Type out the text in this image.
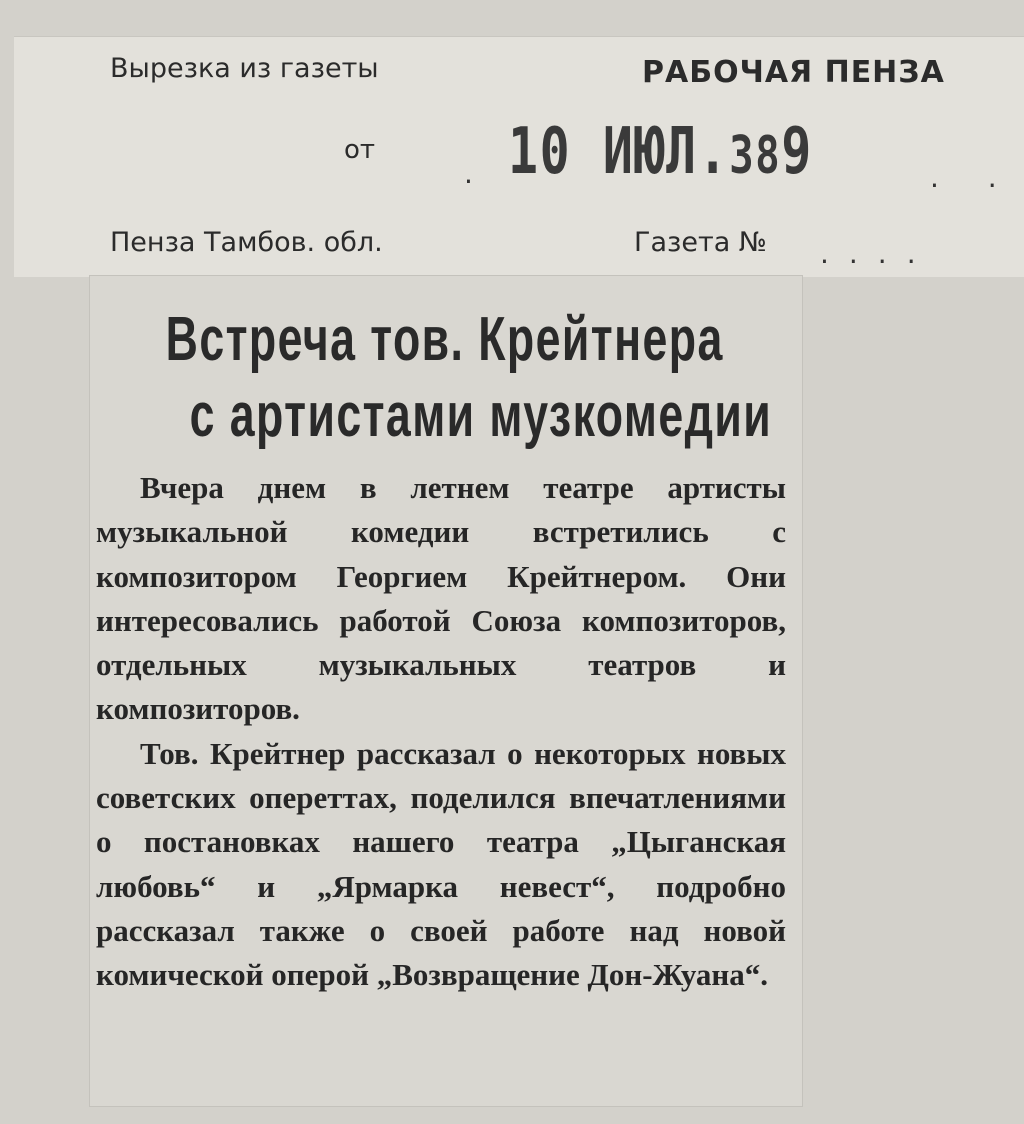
Вырезка из газеты	РАБОЧАЯ ПЕНЗА
от
. 10 ИЮЛ.389	. .
Пенза Тамбов. обл.	Газета № ....
Встреча тов. Крейтнера
с артистами музкомедии

Вчера днем в летнем театре артисты музыкальной комедии встретились с композитором Георгием Крейтнером. Они интересовались работой Союза композиторов, отдельных музыкальных театров и композиторов.

Тов. Крейтнер рассказал о некоторых новых советских опереттах, поделился впечатлениями о постановках нашего театра „Цыганская любовь“ и „Ярмарка невест“, подробно рассказал также о своей работе над новой комической оперой „Возвращение Дон-Жуана“.
